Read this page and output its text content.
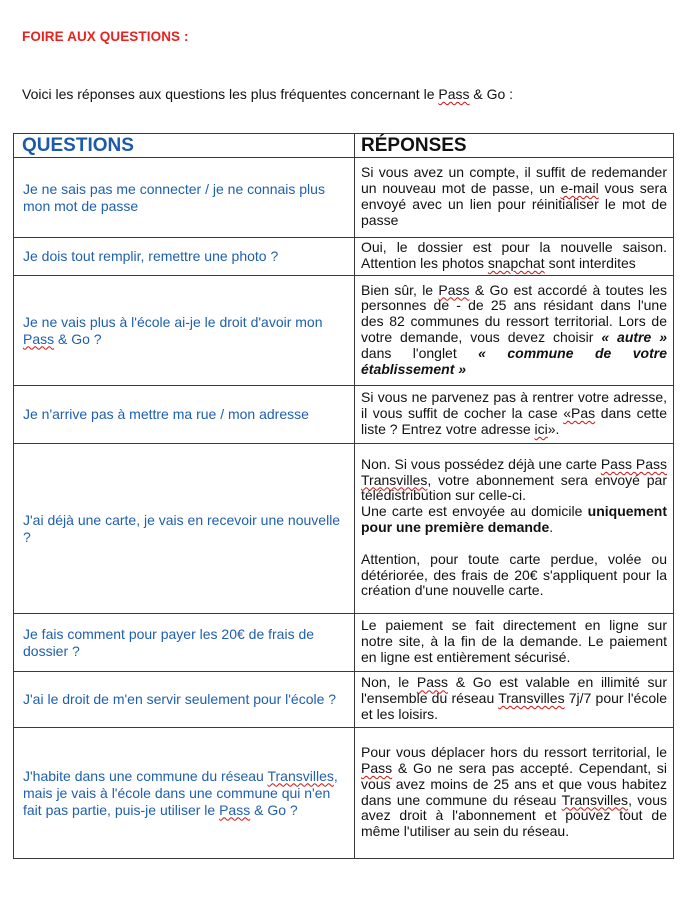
FOIRE AUX QUESTIONS :
Voici les réponses aux questions les plus fréquentes concernant le Pass & Go :
QUESTIONS	RÉPONSES
Je ne sais pas me connecter / je ne connais plus mon mot de passe	Si vous avez un compte, il suffit de redemander un nouveau mot de passe, un e-mail vous sera envoyé avec un lien pour réinitialiser le mot de passe
Je dois tout remplir, remettre une photo ?	Oui, le dossier est pour la nouvelle saison. Attention les photos snapchat sont interdites
Je ne vais plus à l'école ai-je le droit d'avoir mon Pass & Go ?	Bien sûr, le Pass & Go est accordé à toutes les personnes de - de 25 ans résidant dans l'une des 82 communes du ressort territorial. Lors de votre demande, vous devez choisir « autre » dans l'onglet « commune de votre établissement »
Je n'arrive pas à mettre ma rue / mon adresse	Si vous ne parvenez pas à rentrer votre adresse, il vous suffit de cocher la case «Pas dans cette liste ? Entrez votre adresse ici».
J'ai déjà une carte, je vais en recevoir une nouvelle ?	Non. Si vous possédez déjà une carte Pass Pass Transvilles, votre abonnement sera envoyé par télédistribution sur celle-ci.

Une carte est envoyée au domicile uniquement pour une première demande.

Attention, pour toute carte perdue, volée ou détériorée, des frais de 20€ s'appliquent pour la création d'une nouvelle carte.

Je fais comment pour payer les 20€ de frais de dossier ?	Le paiement se fait directement en ligne sur notre site, à la fin de la demande. Le paiement en ligne est entièrement sécurisé.
J'ai le droit de m'en servir seulement pour l'école ?	Non, le Pass & Go est valable en illimité sur l'ensemble du réseau Transvilles 7j/7 pour l'école et les loisirs.
J'habite dans une commune du réseau Transvilles, mais je vais à l'école dans une commune qui n'en fait pas partie, puis-je utiliser le Pass & Go ?	Pour vous déplacer hors du ressort territorial, le Pass & Go ne sera pas accepté. Cependant, si vous avez moins de 25 ans et que vous habitez dans une commune du réseau Transvilles, vous avez droit à l'abonnement et pouvez tout de même l'utiliser au sein du réseau.
